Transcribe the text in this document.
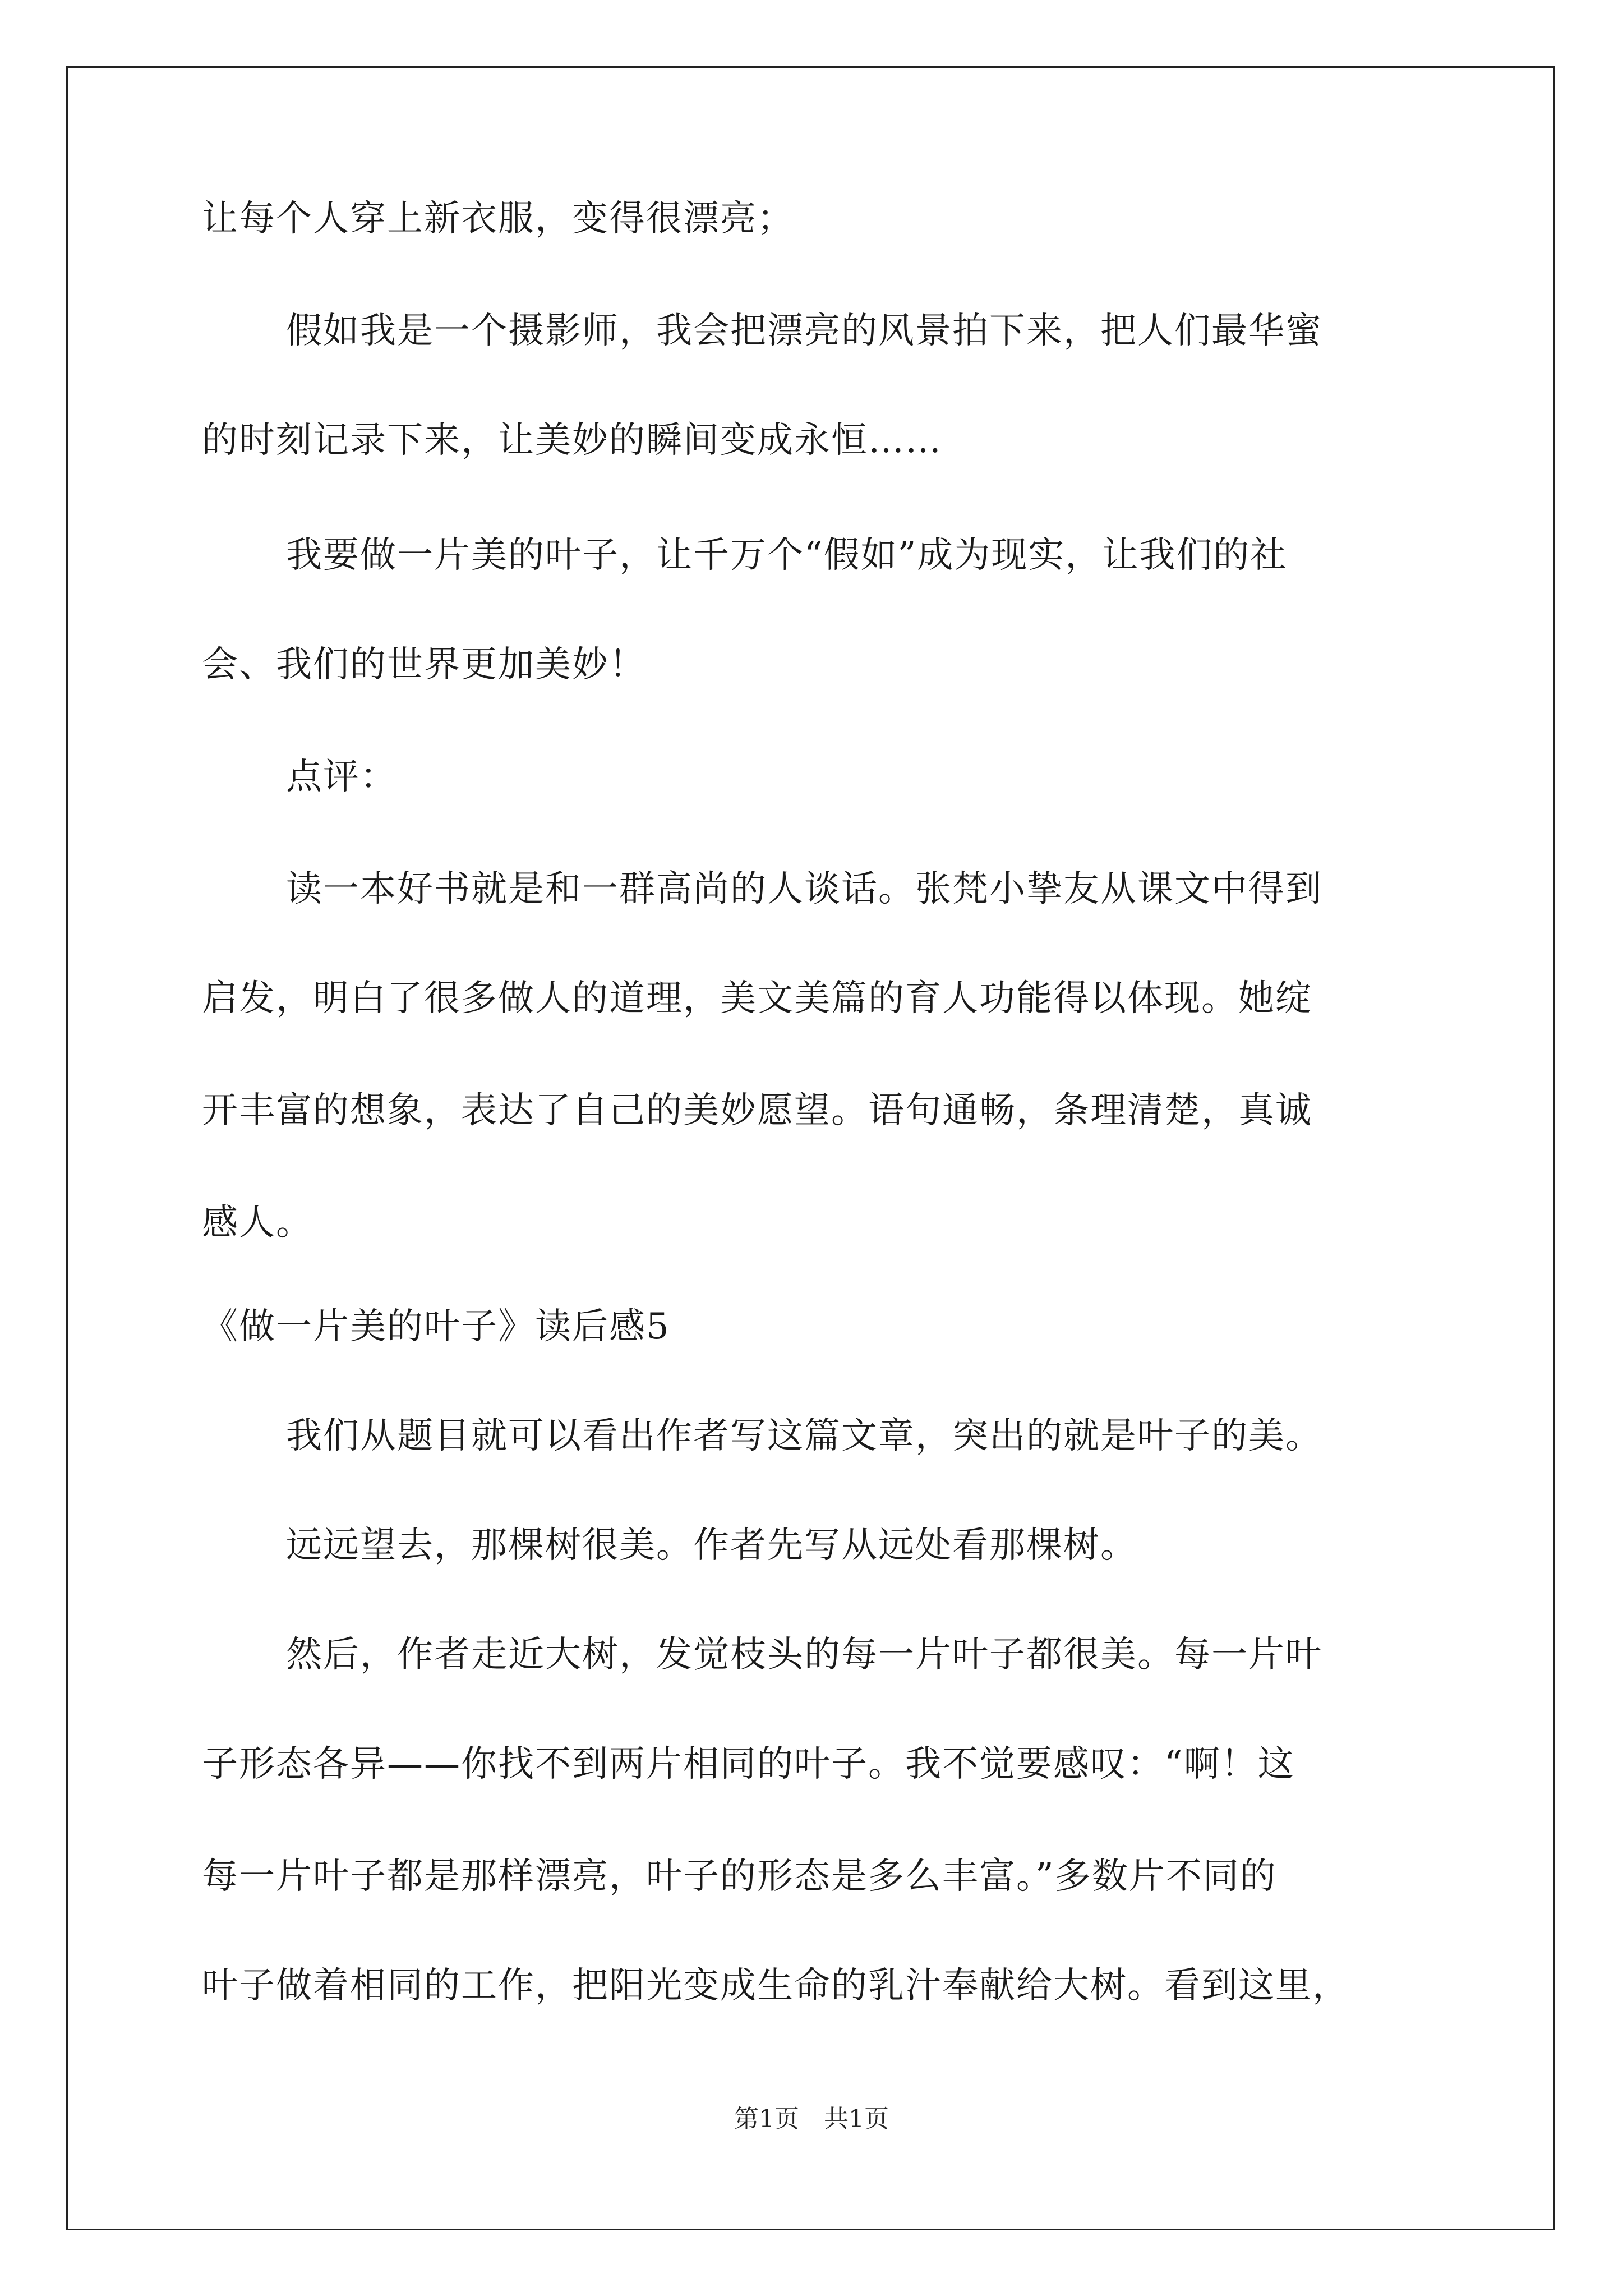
让每个人穿上新衣服，变得很漂亮；
假如我是一个摄影师，我会把漂亮的风景拍下来，把人们最华蜜
的时刻记录下来，让美妙的瞬间变成永恒……
我要做一片美的叶子，让千万个“假如”成为现实，让我们的社
会、我们的世界更加美妙！
点评：
读一本好书就是和一群高尚的人谈话。张梵小挚友从课文中得到
启发，明白了很多做人的道理，美文美篇的育人功能得以体现。她绽
开丰富的想象，表达了自己的美妙愿望。语句通畅，条理清楚，真诚
感人。
《做一片美的叶子》读后感5
我们从题目就可以看出作者写这篇文章，突出的就是叶子的美。
远远望去，那棵树很美。作者先写从远处看那棵树。
然后，作者走近大树，发觉枝头的每一片叶子都很美。每一片叶
子形态各异——你找不到两片相同的叶子。我不觉要感叹：“啊！这
每一片叶子都是那样漂亮，叶子的形态是多么丰富。”多数片不同的
叶子做着相同的工作，把阳光变成生命的乳汁奉献给大树。看到这里，
第1页　共1页
